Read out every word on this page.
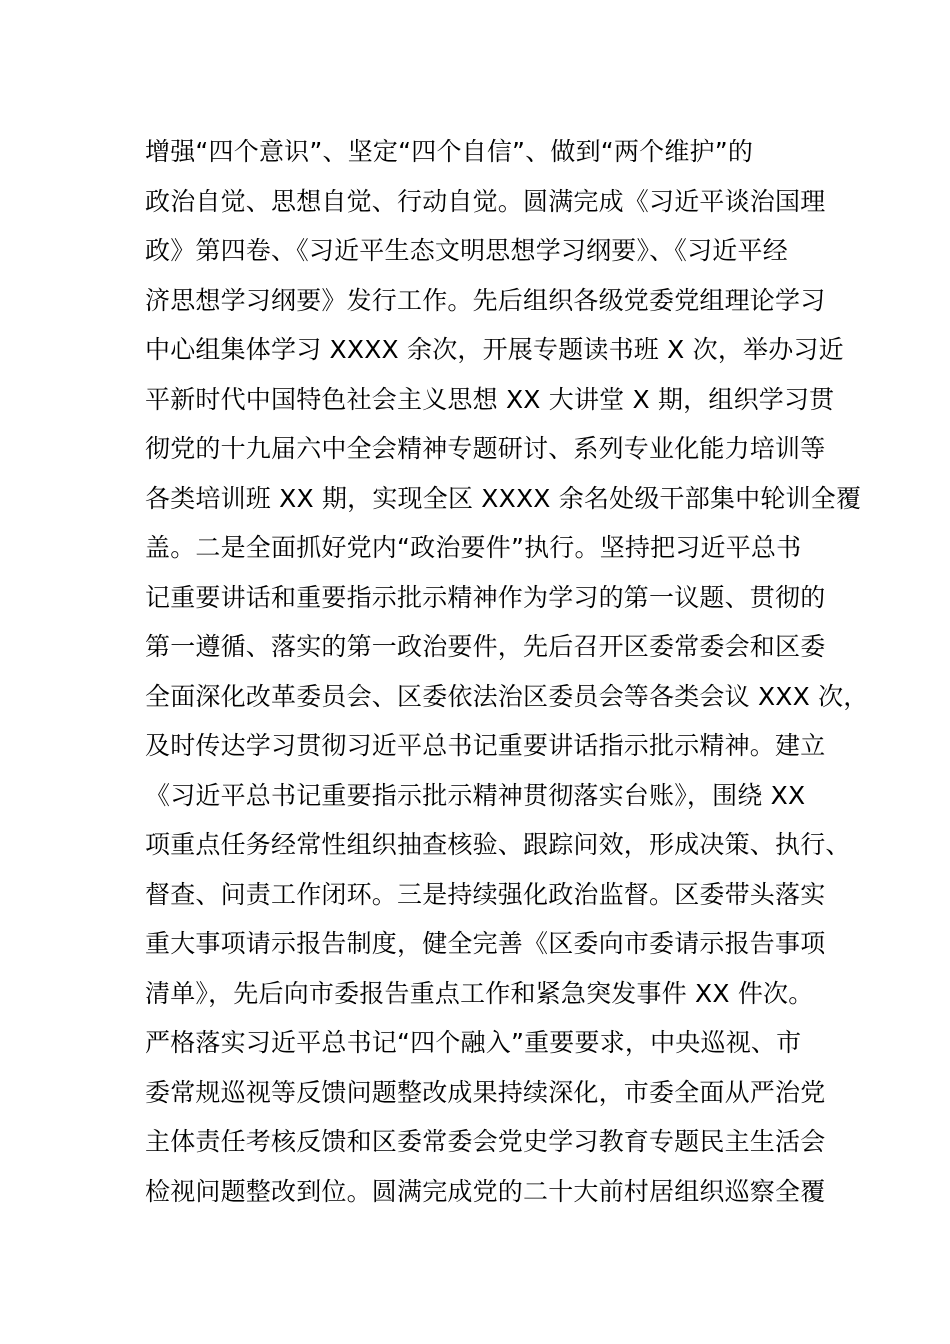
增强“四个意识”、坚定“四个自信”、做到“两个维护”的
政治自觉、思想自觉、行动自觉。圆满完成《习近平谈治国理
政》第四卷、《习近平生态文明思想学习纲要》、《习近平经
济思想学习纲要》发行工作。先后组织各级党委党组理论学习
中心组集体学习 XXXX 余次，开展专题读书班 X 次，举办习近
平新时代中国特色社会主义思想 XX 大讲堂 X 期，组织学习贯
彻党的十九届六中全会精神专题研讨、系列专业化能力培训等
各类培训班 XX 期，实现全区 XXXX 余名处级干部集中轮训全覆
盖。二是全面抓好党内“政治要件”执行。坚持把习近平总书
记重要讲话和重要指示批示精神作为学习的第一议题、贯彻的
第一遵循、落实的第一政治要件，先后召开区委常委会和区委
全面深化改革委员会、区委依法治区委员会等各类会议 XXX 次，
及时传达学习贯彻习近平总书记重要讲话指示批示精神。建立
《习近平总书记重要指示批示精神贯彻落实台账》，围绕 XX
项重点任务经常性组织抽查核验、跟踪问效，形成决策、执行、
督查、问责工作闭环。三是持续强化政治监督。区委带头落实
重大事项请示报告制度，健全完善《区委向市委请示报告事项
清单》，先后向市委报告重点工作和紧急突发事件 XX 件次。
严格落实习近平总书记“四个融入”重要要求，中央巡视、市
委常规巡视等反馈问题整改成果持续深化，市委全面从严治党
主体责任考核反馈和区委常委会党史学习教育专题民主生活会
检视问题整改到位。圆满完成党的二十大前村居组织巡察全覆
